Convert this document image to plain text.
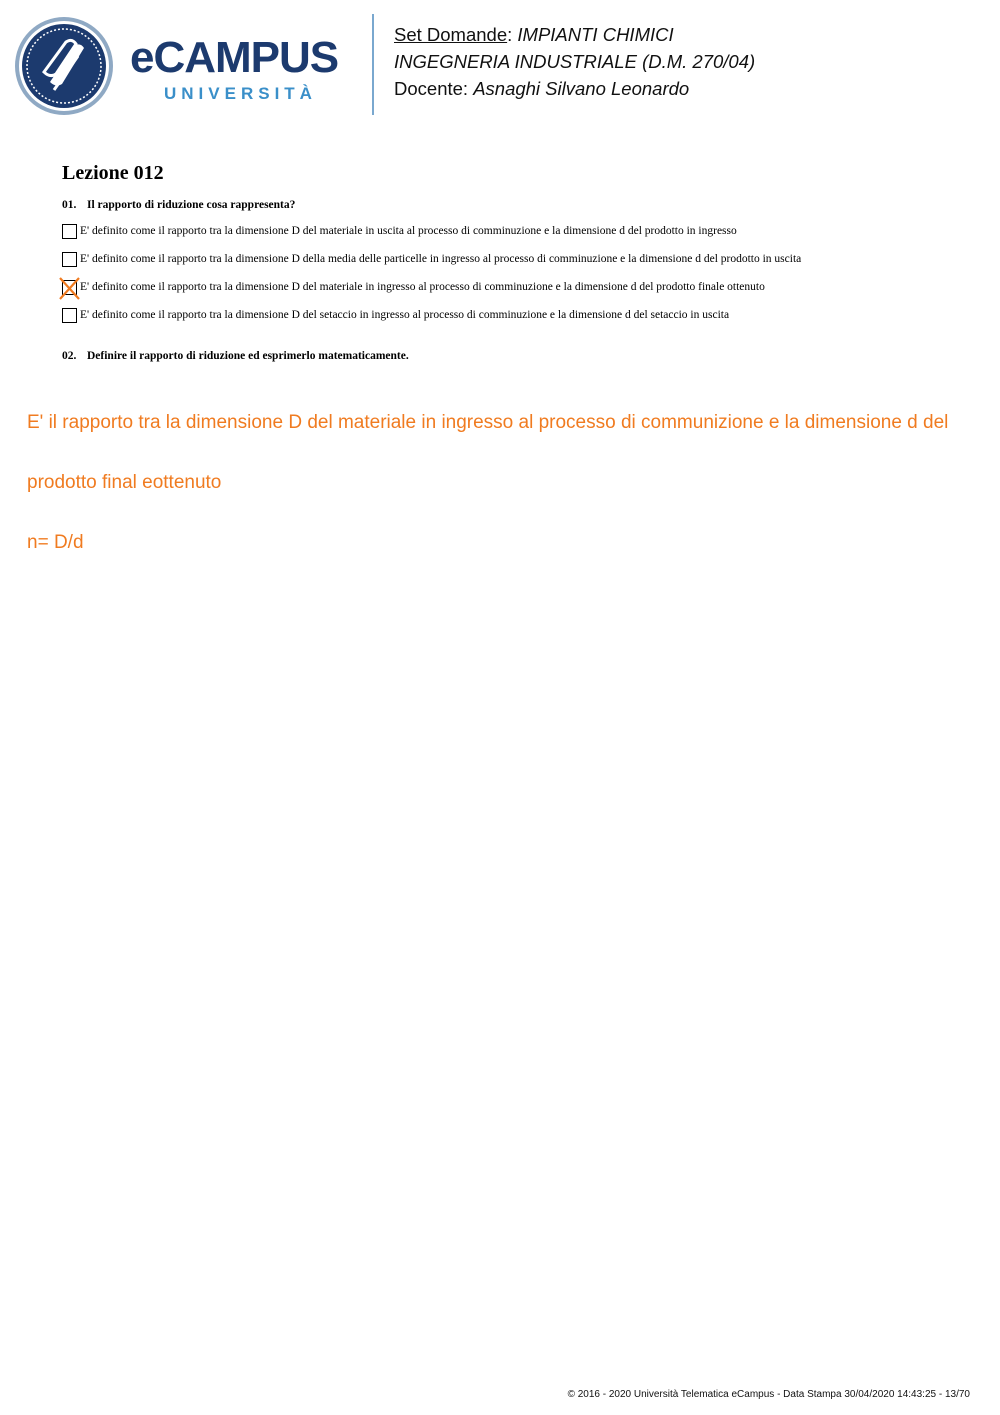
eCAMPUS
UNIVERSITÀ
Set Domande: IMPIANTI CHIMICI
INGEGNERIA INDUSTRIALE (D.M. 270/04)
Docente: Asnaghi Silvano Leonardo
Lezione 012
01. Il rapporto di riduzione cosa rappresenta?
E' definito come il rapporto tra la dimensione D del materiale in uscita al processo di comminuzione e la dimensione d del prodotto in ingresso
E' definito come il rapporto tra la dimensione D della media delle particelle in ingresso al processo di comminuzione e la dimensione d del prodotto in uscita
E' definito come il rapporto tra la dimensione D del materiale in ingresso al processo di comminuzione e la dimensione d del prodotto finale ottenuto
E' definito come il rapporto tra la dimensione D del setaccio in ingresso al processo di comminuzione e la dimensione d del setaccio in uscita
02. Definire il rapporto di riduzione ed esprimerlo matematicamente.

E' il rapporto tra la dimensione D del materiale in ingresso al processo di communizione e la dimensione d del

prodotto final eottenuto

n= D/d

© 2016 - 2020 Università Telematica eCampus - Data Stampa 30/04/2020 14:43:25 - 13/70
